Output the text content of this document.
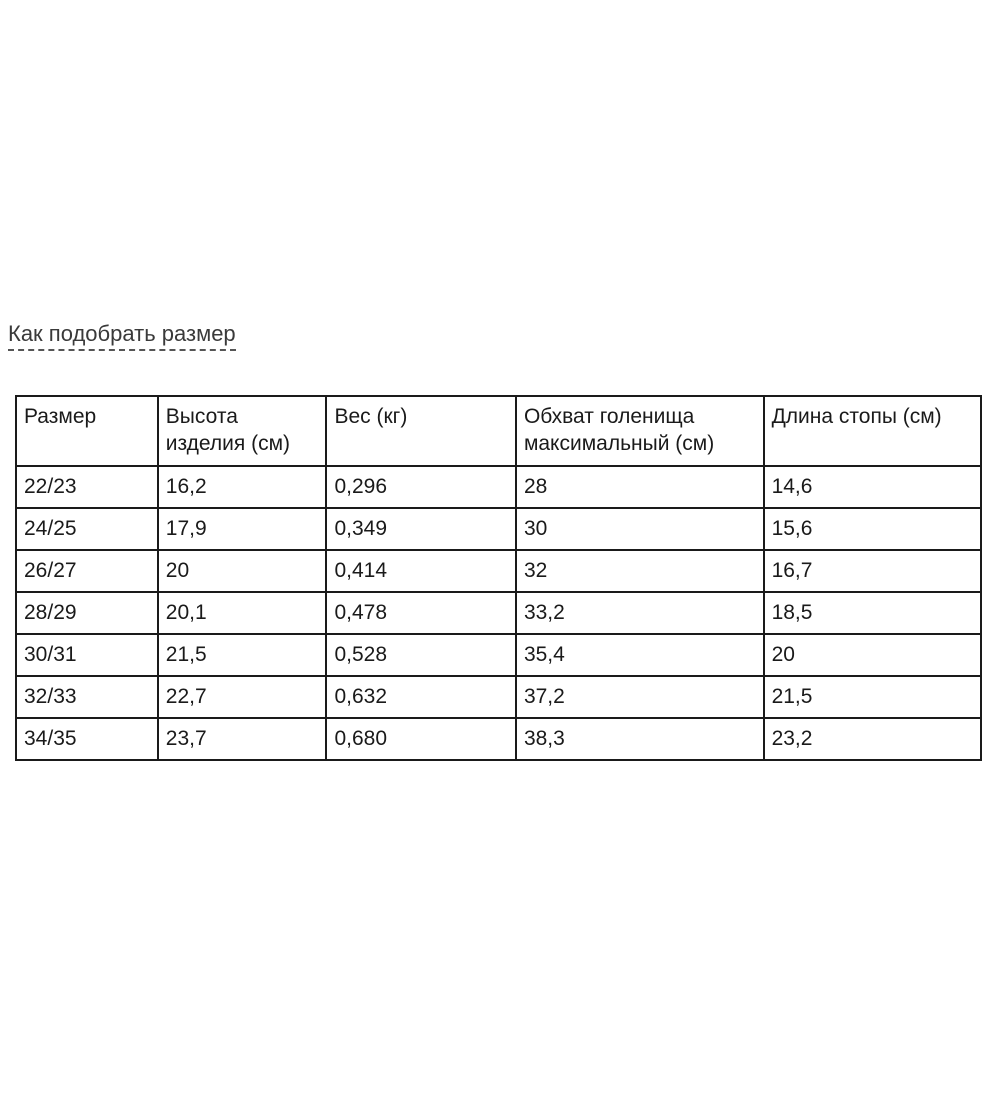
Как подобрать размер
Размер	Высота изделия (см)	Вес (кг)	Обхват голенища максимальный (см)	Длина стопы (см)
22/23	16,2	0,296	28	14,6
24/25	17,9	0,349	30	15,6
26/27	20	0,414	32	16,7
28/29	20,1	0,478	33,2	18,5
30/31	21,5	0,528	35,4	20
32/33	22,7	0,632	37,2	21,5
34/35	23,7	0,680	38,3	23,2
